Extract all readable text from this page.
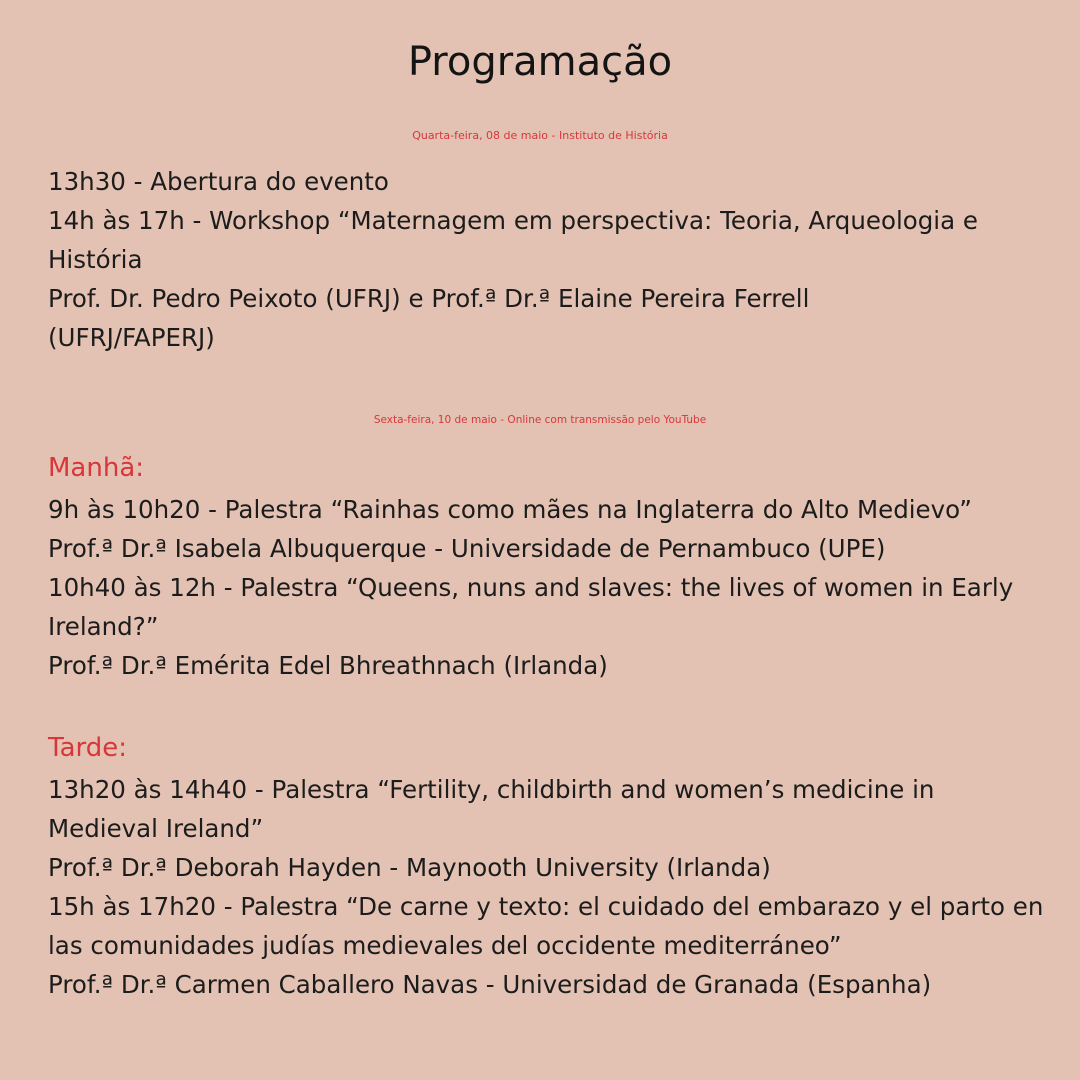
Programação
Quarta-feira, 08 de maio - Instituto de História
13h30 - Abertura do evento
14h às 17h - Workshop “Maternagem em perspectiva: Teoria, Arqueologia e
História
Prof. Dr. Pedro Peixoto (UFRJ) e Prof.ª Dr.ª Elaine Pereira Ferrell
(UFRJ/FAPERJ)
Sexta-feira, 10 de maio - Online com transmissão pelo YouTube
Manhã:
9h às 10h20 - Palestra “Rainhas como mães na Inglaterra do Alto Medievo”
Prof.ª Dr.ª Isabela Albuquerque - Universidade de Pernambuco (UPE)
10h40 às 12h - Palestra “Queens, nuns and slaves: the lives of women in Early
Ireland?”
Prof.ª Dr.ª Emérita Edel Bhreathnach (Irlanda)
Tarde:
13h20 às 14h40 - Palestra “Fertility, childbirth and women’s medicine in
Medieval Ireland”
Prof.ª Dr.ª Deborah Hayden - Maynooth University (Irlanda)
15h às 17h20 - Palestra “De carne y texto: el cuidado del embarazo y el parto en
las comunidades judías medievales del occidente mediterráneo”
Prof.ª Dr.ª Carmen Caballero Navas - Universidad de Granada (Espanha)
